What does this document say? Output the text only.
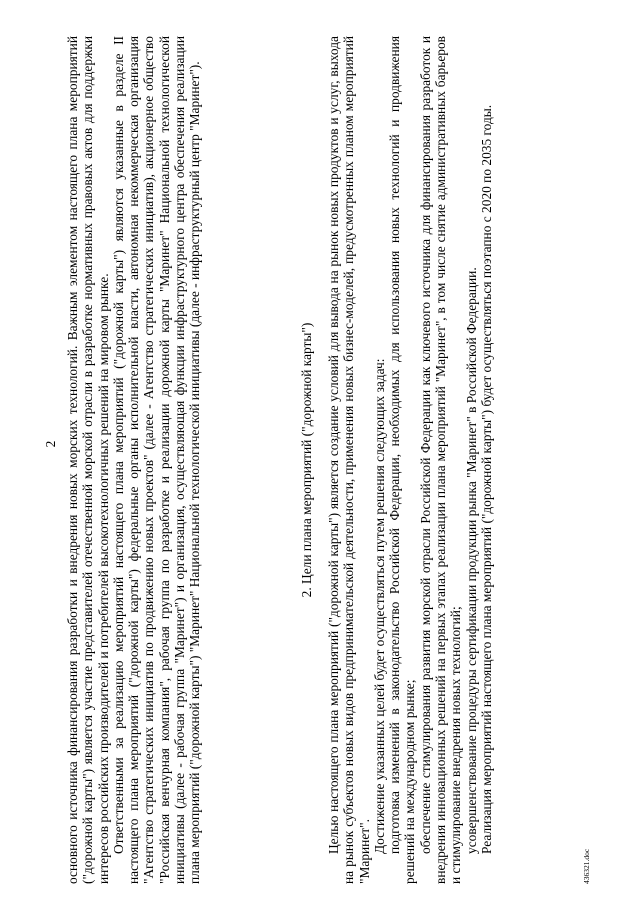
2 основного источника финансирования разработки и внедрения новых морских технологий. Важным элементом настоящего плана мероприятий ("дорожной карты") является участие представителей отечественной морской отрасли в разработке нормативных правовых актов для поддержки интересов российских производителей и потребителей высокотехнологичных решений на мировом рынке. Ответственными за реализацию мероприятий настоящего плана мероприятий ("дорожной карты") являются указанные в разделе II настоящего плана мероприятий ("дорожной карты") федеральные органы исполнительной власти, автономная некоммерческая организация "Агентство стратегических инициатив по продвижению новых проектов" (далее - Агентство стратегических инициатив), акционерное общество "Российская венчурная компания", рабочая группа по разработке и реализации дорожной карты "Маринет" Национальной технологической инициативы (далее - рабочая группа "Маринет") и организация, осуществляющая функции инфраструктурного центра обеспечения реализации плана мероприятий ("дорожной карты") "Маринет" Национальной технологической инициативы (далее - инфраструктурный центр "Маринет").	2. Цели плана мероприятий ("дорожной карты") Целью настоящего плана мероприятий ("дорожной карты") является создание условий для вывода на рынок новых продуктов и услуг, выхода на рынок субъектов новых видов предпринимательской деятельности, применения новых бизнес-моделей, предусмотренных планом мероприятий "Маринет". Достижение указанных целей будет осуществляться путем решения следующих задач: подготовка изменений в законодательство Российской Федерации, необходимых для использования новых технологий и продвижения решений на международном рынке; обеспечение стимулирования развития морской отрасли Российской Федерации как ключевого источника для финансирования разработок и внедрения инновационных решений на первых этапах реализации плана мероприятий "Маринет", в том числе снятие административных барьеров и стимулирование внедрения новых технологий; усовершенствование процедуры сертификации продукции рынка "Маринет" в Российской Федерации. Реализация мероприятий настоящего плана мероприятий ("дорожной карты") будет осуществляться поэтапно с 2020 по 2035 годы.

436321.doc
